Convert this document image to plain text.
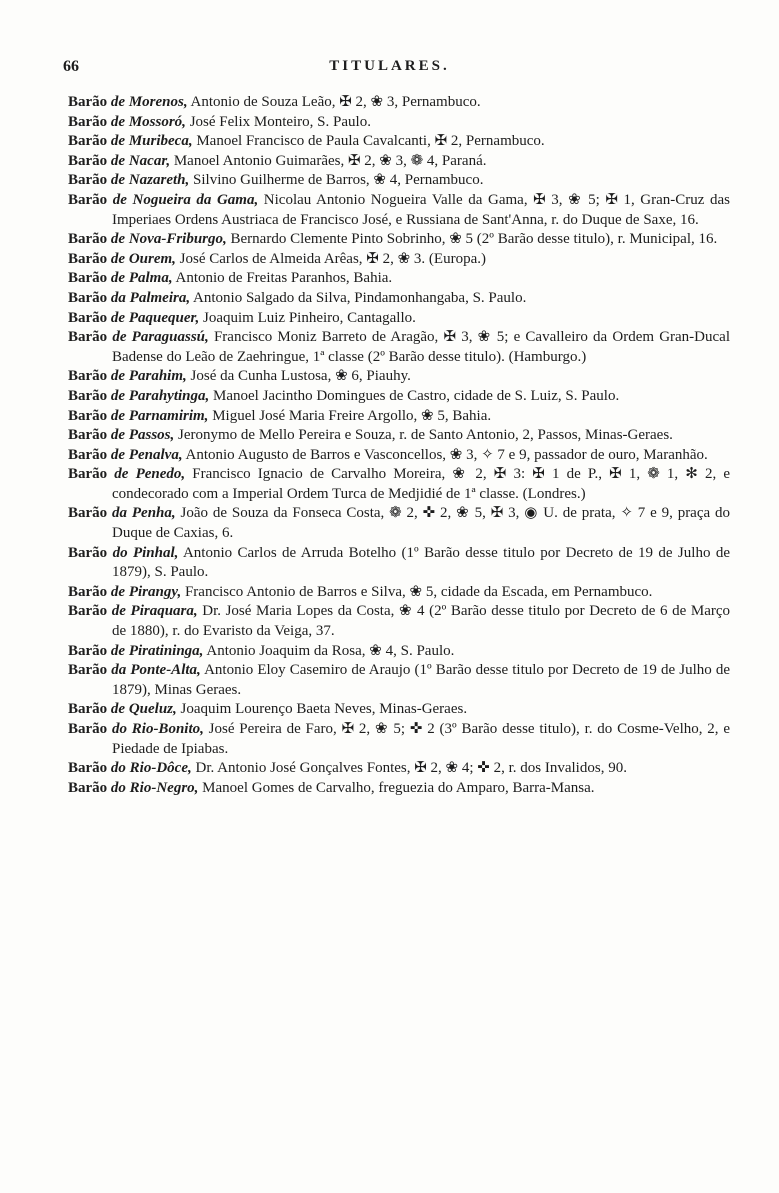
66	TITULARES.

Barão de Morenos, Antonio de Souza Leão, ✠ 2, ❀ 3, Pernambuco.

Barão de Mossoró, José Felix Monteiro, S. Paulo.

Barão de Muribeca, Manoel Francisco de Paula Cavalcanti, ✠ 2, Pernambuco.

Barão de Nacar, Manoel Antonio Guimarães, ✠ 2, ❀ 3, ❁ 4, Paraná.

Barão de Nazareth, Silvino Guilherme de Barros, ❀ 4, Pernambuco.

Barão de Nogueira da Gama, Nicolau Antonio Nogueira Valle da Gama, ✠ 3, ❀ 5; ✠ 1, Gran-Cruz das Imperiaes Ordens Austriaca de Francisco José, e Russiana de Sant'Anna, r. do Duque de Saxe, 16.

Barão de Nova-Friburgo, Bernardo Clemente Pinto Sobrinho, ❀ 5 (2º Barão desse titulo), r. Municipal, 16.

Barão de Ourem, José Carlos de Almeida Arêas, ✠ 2, ❀ 3. (Europa.)

Barão de Palma, Antonio de Freitas Paranhos, Bahia.

Barão da Palmeira, Antonio Salgado da Silva, Pindamonhangaba, S. Paulo.

Barão de Paquequer, Joaquim Luiz Pinheiro, Cantagallo.

Barão de Paraguassú, Francisco Moniz Barreto de Aragão, ✠ 3, ❀ 5; e Cavalleiro da Ordem Gran-Ducal Badense do Leão de Zaehringue, 1ª classe (2º Barão desse titulo). (Hamburgo.)

Barão de Parahim, José da Cunha Lustosa, ❀ 6, Piauhy.

Barão de Parahytinga, Manoel Jacintho Domingues de Castro, cidade de S. Luiz, S. Paulo.

Barão de Parnamirim, Miguel José Maria Freire Argollo, ❀ 5, Bahia.

Barão de Passos, Jeronymo de Mello Pereira e Souza, r. de Santo Antonio, 2, Passos, Minas-Geraes.

Barão de Penalva, Antonio Augusto de Barros e Vasconcellos, ❀ 3, ✧ 7 e 9, passador de ouro, Maranhão.

Barão de Penedo, Francisco Ignacio de Carvalho Moreira, ❀ 2, ✠ 3: ✠ 1 de P., ✠ 1, ❁ 1, ✻ 2, e condecorado com a Imperial Ordem Turca de Medjidié de 1ª classe. (Londres.)

Barão da Penha, João de Souza da Fonseca Costa, ❁ 2, ✜ 2, ❀ 5, ✠ 3, ◉ U. de prata, ✧ 7 e 9, praça do Duque de Caxias, 6.

Barão do Pinhal, Antonio Carlos de Arruda Botelho (1º Barão desse titulo por Decreto de 19 de Julho de 1879), S. Paulo.

Barão de Pirangy, Francisco Antonio de Barros e Silva, ❀ 5, cidade da Escada, em Pernambuco.

Barão de Piraquara, Dr. José Maria Lopes da Costa, ❀ 4 (2º Barão desse titulo por Decreto de 6 de Março de 1880), r. do Evaristo da Veiga, 37.

Barão de Piratininga, Antonio Joaquim da Rosa, ❀ 4, S. Paulo.

Barão da Ponte-Alta, Antonio Eloy Casemiro de Araujo (1º Barão desse titulo por Decreto de 19 de Julho de 1879), Minas Geraes.

Barão de Queluz, Joaquim Lourenço Baeta Neves, Minas-Geraes.

Barão do Rio-Bonito, José Pereira de Faro, ✠ 2, ❀ 5; ✜ 2 (3º Barão desse titulo), r. do Cosme-Velho, 2, e Piedade de Ipiabas.

Barão do Rio-Dôce, Dr. Antonio José Gonçalves Fontes, ✠ 2, ❀ 4; ✜ 2, r. dos Invalidos, 90.

Barão do Rio-Negro, Manoel Gomes de Carvalho, freguezia do Amparo, Barra-Mansa.
